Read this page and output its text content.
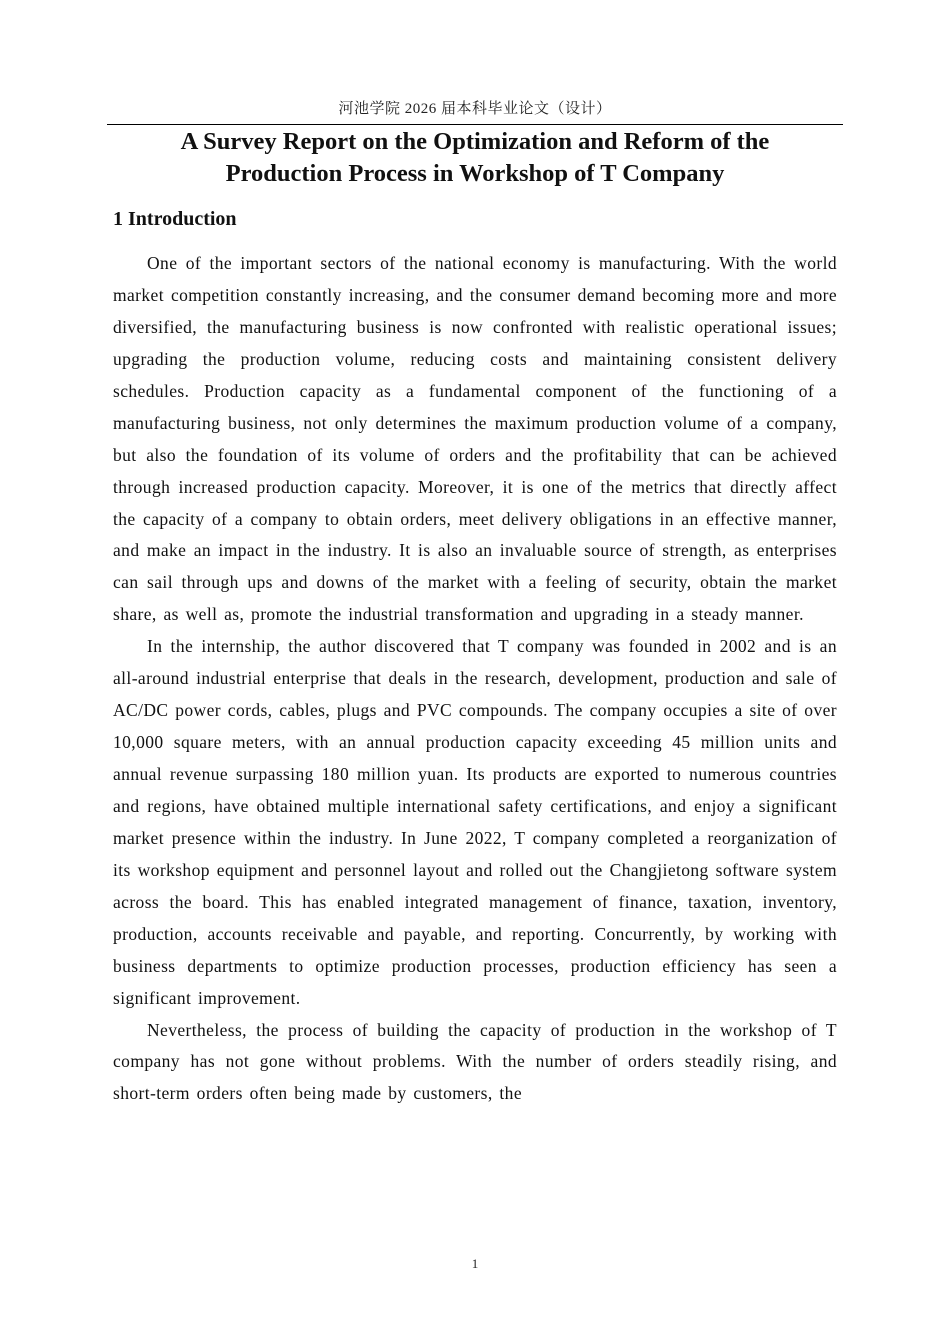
河池学院 2026 届本科毕业论文（设计）
A Survey Report on the Optimization and Reform of the
Production Process in Workshop of T Company
1 Introduction

One of the important sectors of the national economy is manufacturing. With the world market competition constantly increasing, and the consumer demand becoming more and more diversified, the manufacturing business is now confronted with realistic operational issues; upgrading the production volume, reducing costs and maintaining consistent delivery schedules. Production capacity as a fundamental component of the functioning of a manufacturing business, not only determines the maximum production volume of a company, but also the foundation of its volume of orders and the profitability that can be achieved through increased production capacity. Moreover, it is one of the metrics that directly affect the capacity of a company to obtain orders, meet delivery obligations in an effective manner, and make an impact in the industry. It is also an invaluable source of strength, as enterprises can sail through ups and downs of the market with a feeling of security, obtain the market share, as well as, promote the industrial transformation and upgrading in a steady manner.

In the internship, the author discovered that T company was founded in 2002 and is an all-around industrial enterprise that deals in the research, development, production and sale of AC/DC power cords, cables, plugs and PVC compounds. The company occupies a site of over 10,000 square meters, with an annual production capacity exceeding 45 million units and annual revenue surpassing 180 million yuan. Its products are exported to numerous countries and regions, have obtained multiple international safety certifications, and enjoy a significant market presence within the industry. In June 2022, T company completed a reorganization of its workshop equipment and personnel layout and rolled out the Changjietong software system across the board. This has enabled integrated management of finance, taxation, inventory, production, accounts receivable and payable, and reporting. Concurrently, by working with business departments to optimize production processes, production efficiency has seen a significant improvement.

Nevertheless, the process of building the capacity of production in the workshop of T company has not gone without problems. With the number of orders steadily rising, and short-term orders often being made by customers, the

1
